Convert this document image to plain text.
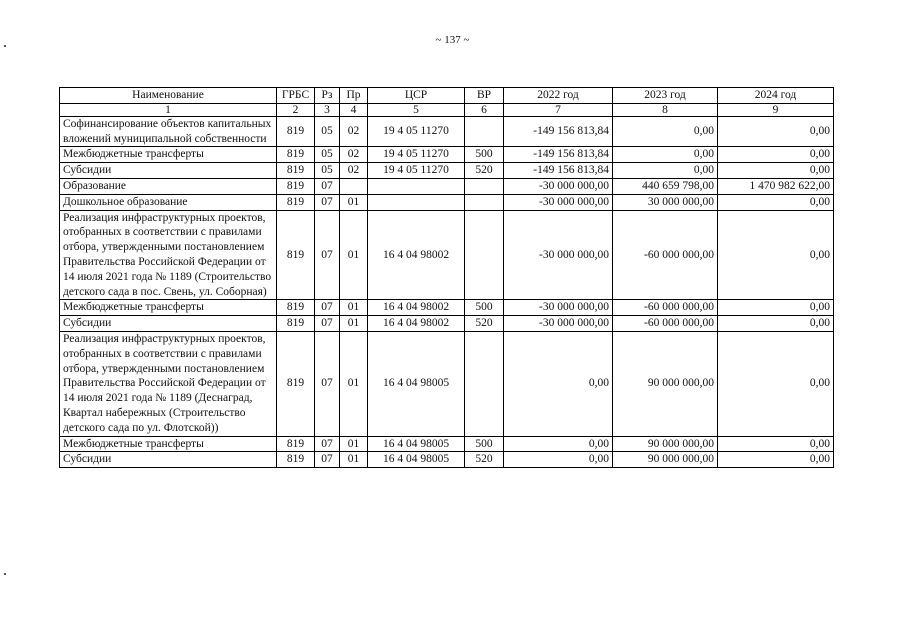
~ 137 ~
Наименование	ГРБС	Рз	Пр	ЦСР	ВР	2022 год	2023 год	2024 год
1	2	3	4	5	6	7	8	9
Софинансирование объектов капитальных вложений муниципальной собственности	819	05	02	19 4 05 11270		-149 156 813,84	0,00	0,00
Межбюджетные трансферты	819	05	02	19 4 05 11270	500	-149 156 813,84	0,00	0,00
Субсидии	819	05	02	19 4 05 11270	520	-149 156 813,84	0,00	0,00
Образование	819	07				-30 000 000,00	440 659 798,00	1 470 982 622,00
Дошкольное образование	819	07	01			-30 000 000,00	30 000 000,00	0,00
Реализация инфраструктурных проектов, отобранных в соответствии с правилами отбора, утвержденными постановлением Правительства Российской Федерации от 14 июля 2021 года № 1189 (Строительство детского сада в пос. Свень, ул. Соборная)	819	07	01	16 4 04 98002		-30 000 000,00	-60 000 000,00	0,00
Межбюджетные трансферты	819	07	01	16 4 04 98002	500	-30 000 000,00	-60 000 000,00	0,00
Субсидии	819	07	01	16 4 04 98002	520	-30 000 000,00	-60 000 000,00	0,00
Реализация инфраструктурных проектов, отобранных в соответствии с правилами отбора, утвержденными постановлением Правительства Российской Федерации от 14 июля 2021 года № 1189 (Деснаград, Квартал набережных (Строительство детского сада по ул. Флотской))	819	07	01	16 4 04 98005		0,00	90 000 000,00	0,00
Межбюджетные трансферты	819	07	01	16 4 04 98005	500	0,00	90 000 000,00	0,00
Субсидии	819	07	01	16 4 04 98005	520	0,00	90 000 000,00	0,00
